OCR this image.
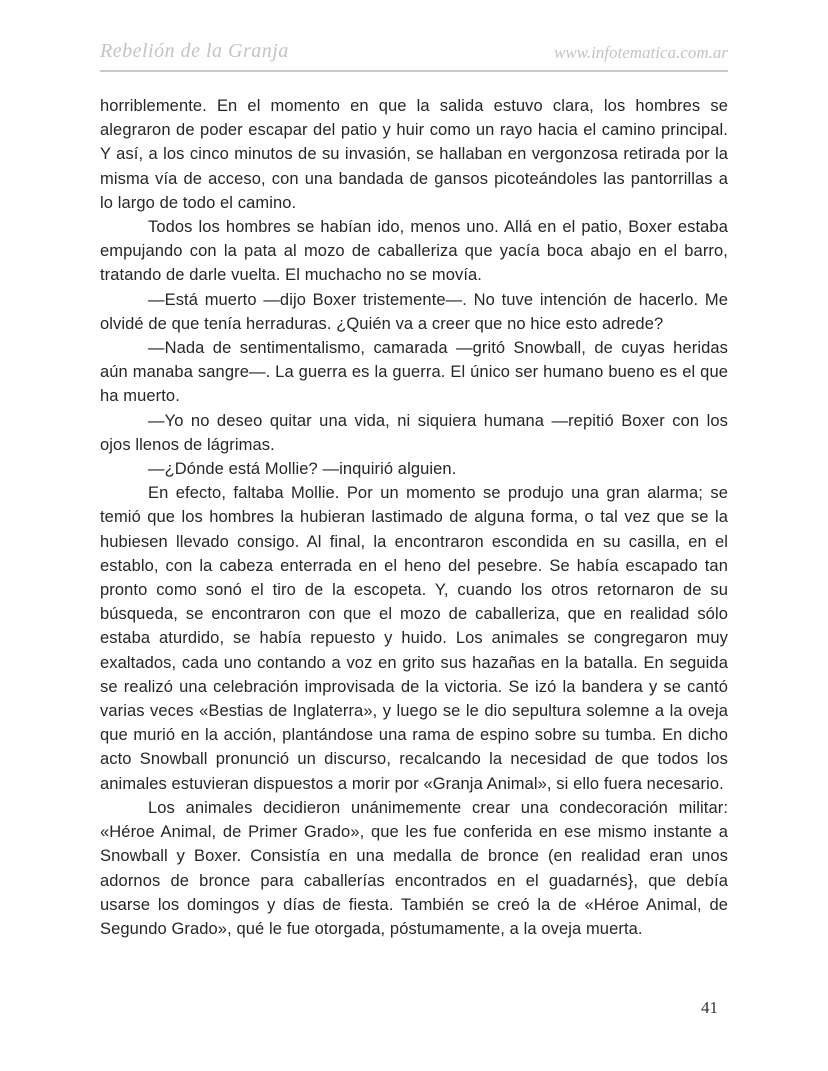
Rebelión de la Granja	www.infotematica.com.ar

horriblemente. En el momento en que la salida estuvo clara, los hombres se alegraron de poder escapar del patio y huir como un rayo hacia el camino principal. Y así, a los cinco minutos de su invasión, se hallaban en vergonzosa retirada por la misma vía de acceso, con una bandada de gansos picoteándoles las pantorrillas a lo largo de todo el camino.

Todos los hombres se habían ido, menos uno. Allá en el patio, Boxer estaba empujando con la pata al mozo de caballeriza que yacía boca abajo en el barro, tratando de darle vuelta. El muchacho no se movía.

—Está muerto —dijo Boxer tristemente—. No tuve intención de hacerlo. Me olvidé de que tenía herraduras. ¿Quién va a creer que no hice esto adrede?

—Nada de sentimentalismo, camarada —gritó Snowball, de cuyas heridas aún manaba sangre—. La guerra es la guerra. El único ser humano bueno es el que ha muerto.

—Yo no deseo quitar una vida, ni siquiera humana —repitió Boxer con los ojos llenos de lágrimas.

—¿Dónde está Mollie? —inquirió alguien.

En efecto, faltaba Mollie. Por un momento se produjo una gran alarma; se temió que los hombres la hubieran lastimado de alguna forma, o tal vez que se la hubiesen llevado consigo. Al final, la encontraron escondida en su casilla, en el establo, con la cabeza enterrada en el heno del pesebre. Se había escapado tan pronto como sonó el tiro de la escopeta. Y, cuando los otros retornaron de su búsqueda, se encontraron con que el mozo de caballeriza, que en realidad sólo estaba aturdido, se había repuesto y huido. Los animales se congregaron muy exaltados, cada uno contando a voz en grito sus hazañas en la batalla. En seguida se realizó una celebración improvisada de la victoria. Se izó la bandera y se cantó varias veces «Bestias de Inglaterra», y luego se le dio sepultura solemne a la oveja que murió en la acción, plantándose una rama de espino sobre su tumba. En dicho acto Snowball pronunció un discurso, recalcando la necesidad de que todos los animales estuvieran dispuestos a morir por «Granja Animal», si ello fuera necesario.

Los animales decidieron unánimemente crear una condecoración militar: «Héroe Animal, de Primer Grado», que les fue conferida en ese mismo instante a Snowball y Boxer. Consistía en una medalla de bronce (en realidad eran unos adornos de bronce para caballerías encontrados en el guadarnés}, que debía usarse los domingos y días de fiesta. También se creó la de «Héroe Animal, de Segundo Grado», qué le fue otorgada, póstumamente, a la oveja muerta.

41
